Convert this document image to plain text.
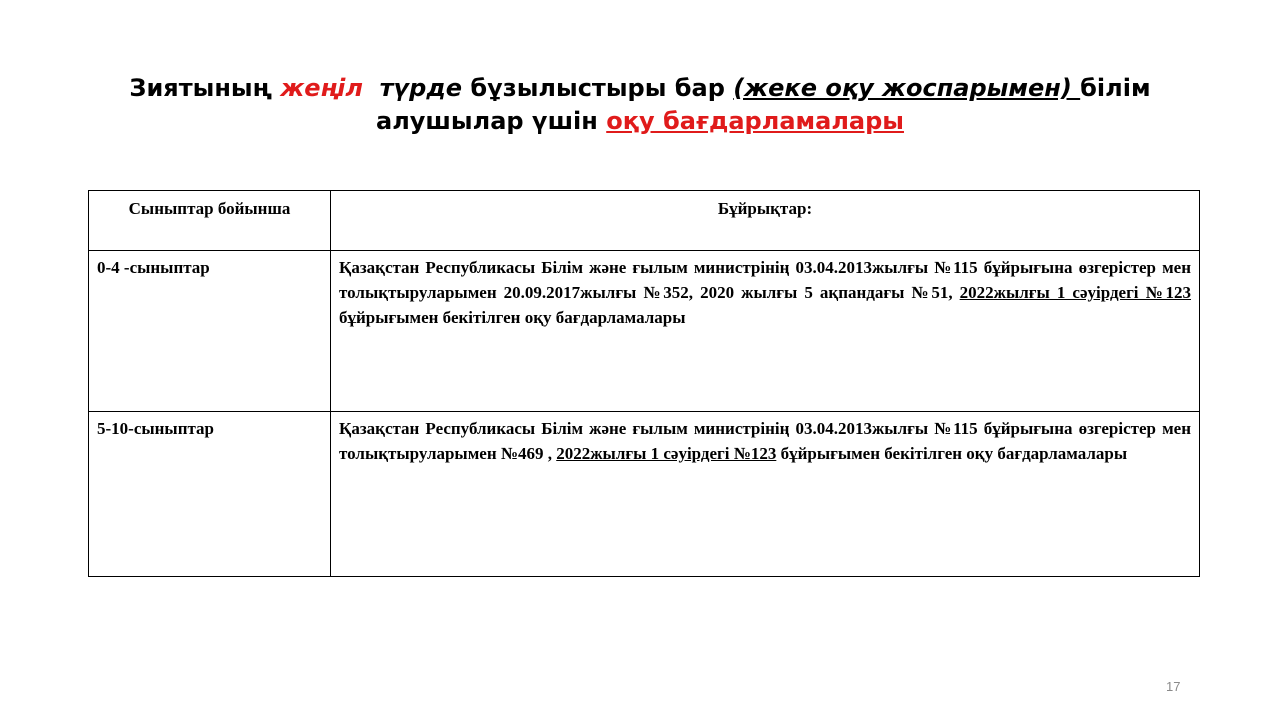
Зиятының жеңіл түрде бұзылыстыры бар (жеке оқу жоспарымен) білім алушылар үшін оқу бағдарламалары
Сыныптар бойынша	Бұйрықтар:
0-4 -сыныптар	Қазақстан Республикасы Білім және ғылым министрінің 03.04.2013жылғы №115 бұйрығына өзгерістер мен толықтыруларымен 20.09.2017жылғы №352, 2020 жылғы 5 ақпандағы №51, 2022жылғы 1 сәуірдегі №123 бұйрығымен бекітілген оқу бағдарламалары
5-10-сыныптар	Қазақстан Республикасы Білім және ғылым министрінің 03.04.2013жылғы №115 бұйрығына өзгерістер мен толықтыруларымен №469 , 2022жылғы 1 сәуірдегі №123 бұйрығымен бекітілген оқу бағдарламалары
17
